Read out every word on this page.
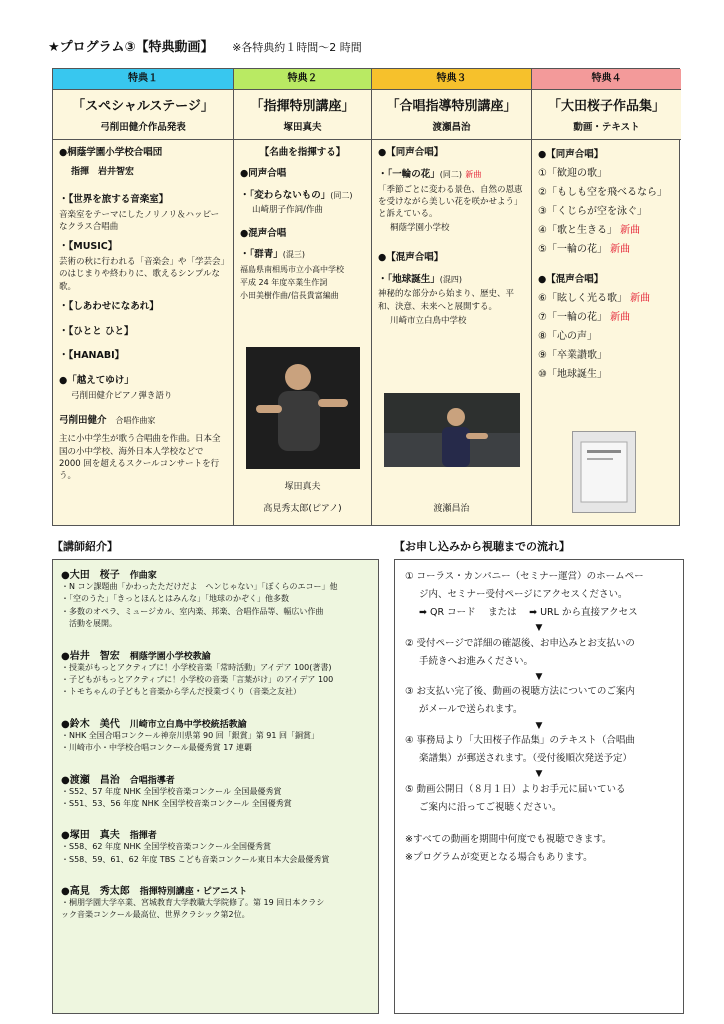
★プログラム③【特典動画】 ※各特典約１時間～2 時間
特典１
「スペシャルステージ」
弓削田健介作品発表
●桐蔭学園小学校合唱団
指揮　岩井智宏
・【世界を旅する音楽室】
音楽室をテーマにしたノリノリ＆ハッピーなクラス合唱曲
・【MUSIC】
芸術の秋に行われる「音楽会」や「学芸会」のはじまりや終わりに、歌えるシンプルな歌。
・【しあわせになあれ】
・【ひとと ひと】
・【HANABI】
●「越えてゆけ」
弓削田健介ピアノ弾き語り
弓削田健介 合唱作曲家
主に小中学生が歌う合唱曲を作曲。日本全国の小中学校、海外日本人学校などで 2000 回を超えるスクールコンサートを行う。
特典２
「指揮特別講座」
塚田真夫
【名曲を指揮する】
●同声合唱
・「変わらないもの」(同二)
山崎朋子作詞/作曲
●混声合唱
・「群青」(混三)
福島県南相馬市立小高中学校
平成 24 年度卒業生作詞
小田美樹作曲/信長貴富編曲
塚田真夫
高見秀太郎(ピアノ)
特典３
「合唱指導特別講座」
渡瀬昌治
●【同声合唱】
・「一輪の花」(同二) 新曲
「季節ごとに変わる景色、自然の恩恵を受けながら美しい花を咲かせよう」と訴えている。
桐蔭学園小学校
●【混声合唱】
・「地球誕生」(混四)
神秘的な部分から始まり、歴史、平和、決意、未来へと展開する。
川崎市立白鳥中学校
渡瀬昌治
特典４
「大田桜子作品集」
動画・テキスト
●【同声合唱】
①「歓迎の歌」
②「もしも空を飛べるなら」
③「くじらが空を泳ぐ」
④「歌と生きる」 新曲
⑤「一輪の花」 新曲
●【混声合唱】
⑥「眩しく光る歌」 新曲
⑦「一輪の花」 新曲
⑧「心の声」
⑨「卒業讃歌」
⑩「地球誕生」
【講師紹介】	【お申し込みから視聴までの流れ】
●大田　桜子　 作曲家
・N コン課題曲「かわったただけだよ　へンじゃない」「ぼくらのエコー」他
・「空のうた」「きっとほんとはみんな」「地球のかぞく」他多数
・多数のオペラ、ミュージカル、室内楽、邦楽、合唱作品等、幅広い作曲
　活動を展開。
●岩井　智宏　 桐蔭学園小学校教諭
・授業がもっとアクティブに！小学校音楽「常時活動」アイデア 100(著書)
・子どもがもっとアクティブに！小学校の音楽「言葉がけ」のアイデア 100
・トモちゃんの子どもと音楽から学んだ授業づくり（音楽之友社）
●鈴木　美代　 川崎市立白鳥中学校統括教諭
・NHK 全国合唱コンクール神奈川県第 90 回「銀賞」第 91 回「銅賞」
・川崎市小・中学校合唱コンクール最優秀賞 17 連覇
●渡瀬　昌治　 合唱指導者
・S52、57 年度 NHK 全国学校音楽コンクール 全国最優秀賞
・S51、53、56 年度 NHK 全国学校音楽コンクール 全国優秀賞
●塚田　真夫　 指揮者
・S58、62 年度 NHK 全国学校音楽コンクール全国優秀賞
・S58、59、61、62 年度 TBS こども音楽コンクール東日本大会最優秀賞
●高見　秀太郎　 指揮特別講座・ピアニスト
・桐朋学園大学卒業、宮城教育大学教職大学院修了。第 19 回日本クラシ
ック音楽コンクール最高位、世界クラシック第2位。

① コーラス・カンパニー（セミナー運営）のホームペー

ジ内、セミナー受付ページにアクセスください。

➡ QR コード　 または　 ➡ URL から直接アクセス

▼

② 受付ページで詳細の確認後、お申込みとお支払いの

手続きへお進みください。

▼

③ お支払い完了後、動画の視聴方法についてのご案内

がメールで送られます。

▼

④ 事務局より「大田桜子作品集」のテキスト（合唱曲

楽譜集）が郵送されます。（受付後順次発送予定）

▼

⑤ 動画公開日（８月１日）よりお手元に届いている

ご案内に沿ってご視聴ください。

※すべての動画を期間中何度でも視聴できます。

※プログラムが変更となる場合もあります。
